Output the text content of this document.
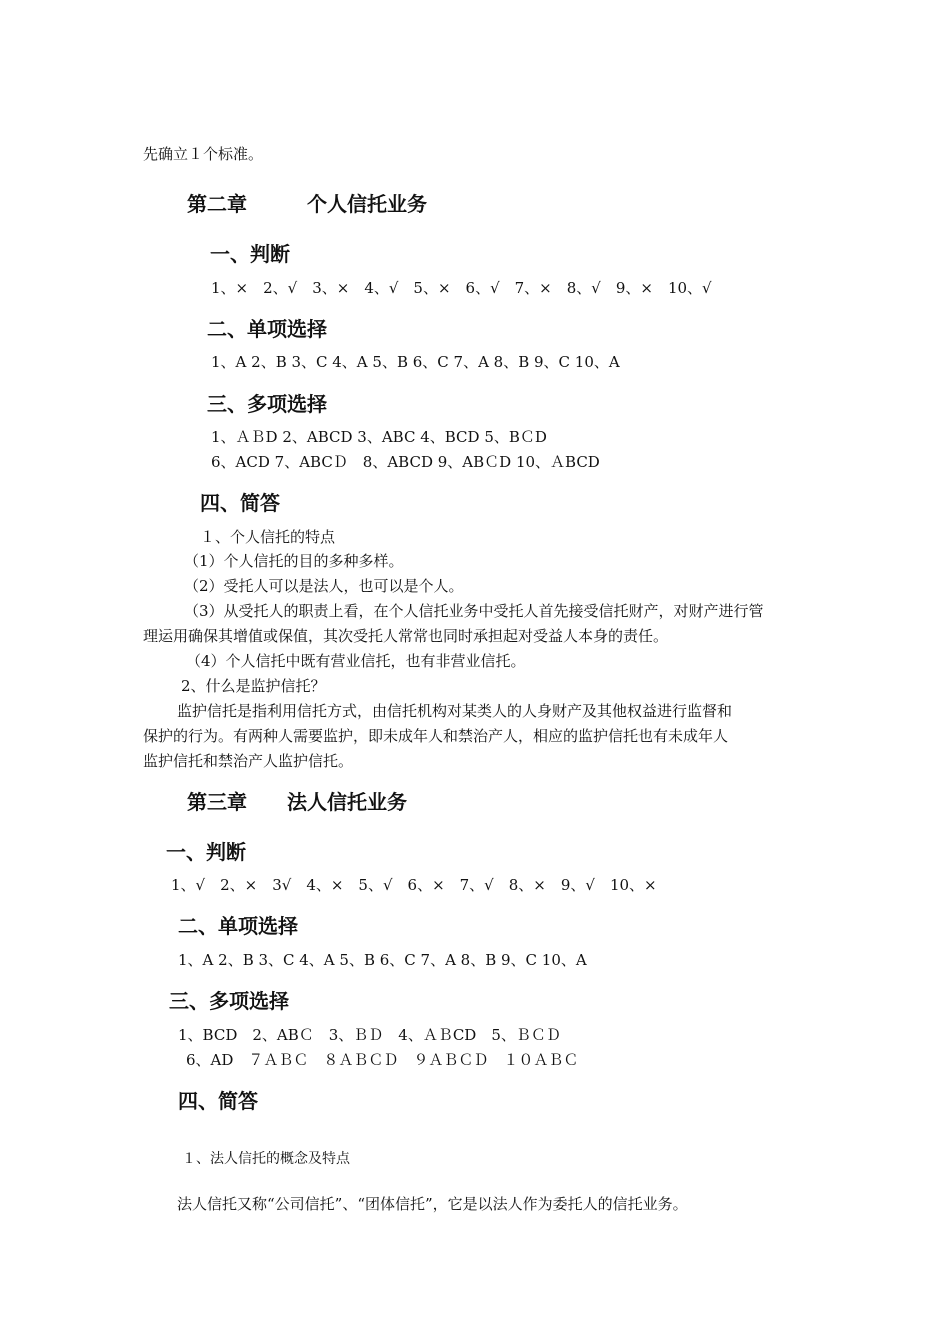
先确立１个标准。

第二章　　　个人信托业务

一、判断

1、×　2、√　3、×　4、√　5、×　6、√　7、×　8、√　9、×　10、√

二、单项选择

1、A 2、B 3、C 4、A 5、B 6、C 7、A 8、B 9、C 10、A

三、多项选择

1、ＡＢD 2、ABCD 3、ABC 4、BCD 5、BＣD

6、ACD 7、ABCＤ　8、ABCD 9、ABＣD 10、ＡBCD

四、简答

１、个人信托的特点

（1）个人信托的目的多种多样。

（2）受托人可以是法人，也可以是个人。

（3）从受托人的职责上看，在个人信托业务中受托人首先接受信托财产，对财产进行管

理运用确保其增值或保值，其次受托人常常也同时承担起对受益人本身的责任。

（4）个人信托中既有营业信托，也有非营业信托。

2、什么是监护信托？

监护信托是指利用信托方式，由信托机构对某类人的人身财产及其他权益进行监督和

保护的行为。有两种人需要监护，即未成年人和禁治产人，相应的监护信托也有未成年人

监护信托和禁治产人监护信托。

第三章　　法人信托业务

一、判断

1、√　2、×　3√　4、×　5、√　6、×　7、√　8、×　9、√　10、×

二、单项选择

1、A 2、B 3、C 4、A 5、B 6、C 7、A 8、B 9、C 10、A

三、多项选择

1、BCD　2、ABＣ　3、ＢＤ　4、ＡＢCD　5、ＢＣＤ

6、AD　７ＡＢＣ　８ＡＢＣＤ　９ＡＢＣＤ　１０ＡＢＣ

四、简答

１、法人信托的概念及特点

法人信托又称“公司信托”、“团体信托”，它是以法人作为委托人的信托业务。
